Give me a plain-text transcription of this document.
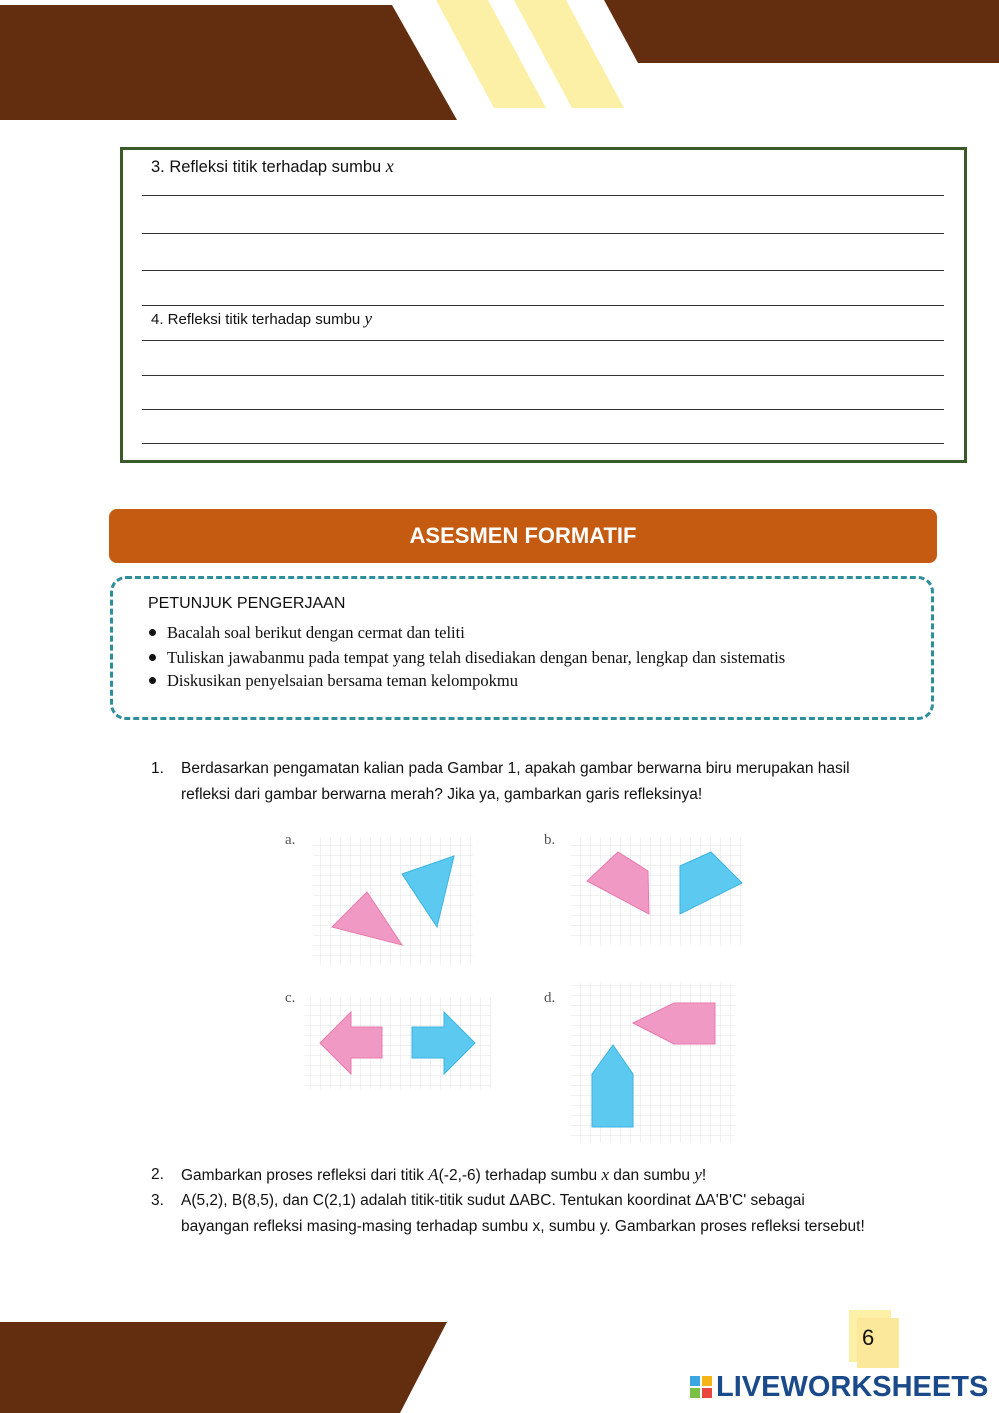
3. Refleksi titik terhadap sumbu x
4. Refleksi titik terhadap sumbu y
ASESMEN FORMATIF
PETUNJUK PENGERJAAN
Bacalah soal berikut dengan cermat dan teliti
Tuliskan jawabanmu pada tempat yang telah disediakan dengan benar, lengkap dan sistematis
Diskusikan penyelsaian bersama teman kelompokmu
1. Berdasarkan pengamatan kalian pada Gambar 1, apakah gambar berwarna biru merupakan hasil refleksi dari gambar berwarna merah? Jika ya, gambarkan garis refleksinya!
a.	b.
c.	d.
2. Gambarkan proses refleksi dari titik A(-2,-6) terhadap sumbu x dan sumbu y!
3. A(5,2), B(8,5), dan C(2,1) adalah titik-titik sudut ΔABC. Tentukan koordinat ΔA'B'C' sebagai bayangan refleksi masing-masing terhadap sumbu x, sumbu y. Gambarkan proses refleksi tersebut!
6
LIVEWORKSHEETS
